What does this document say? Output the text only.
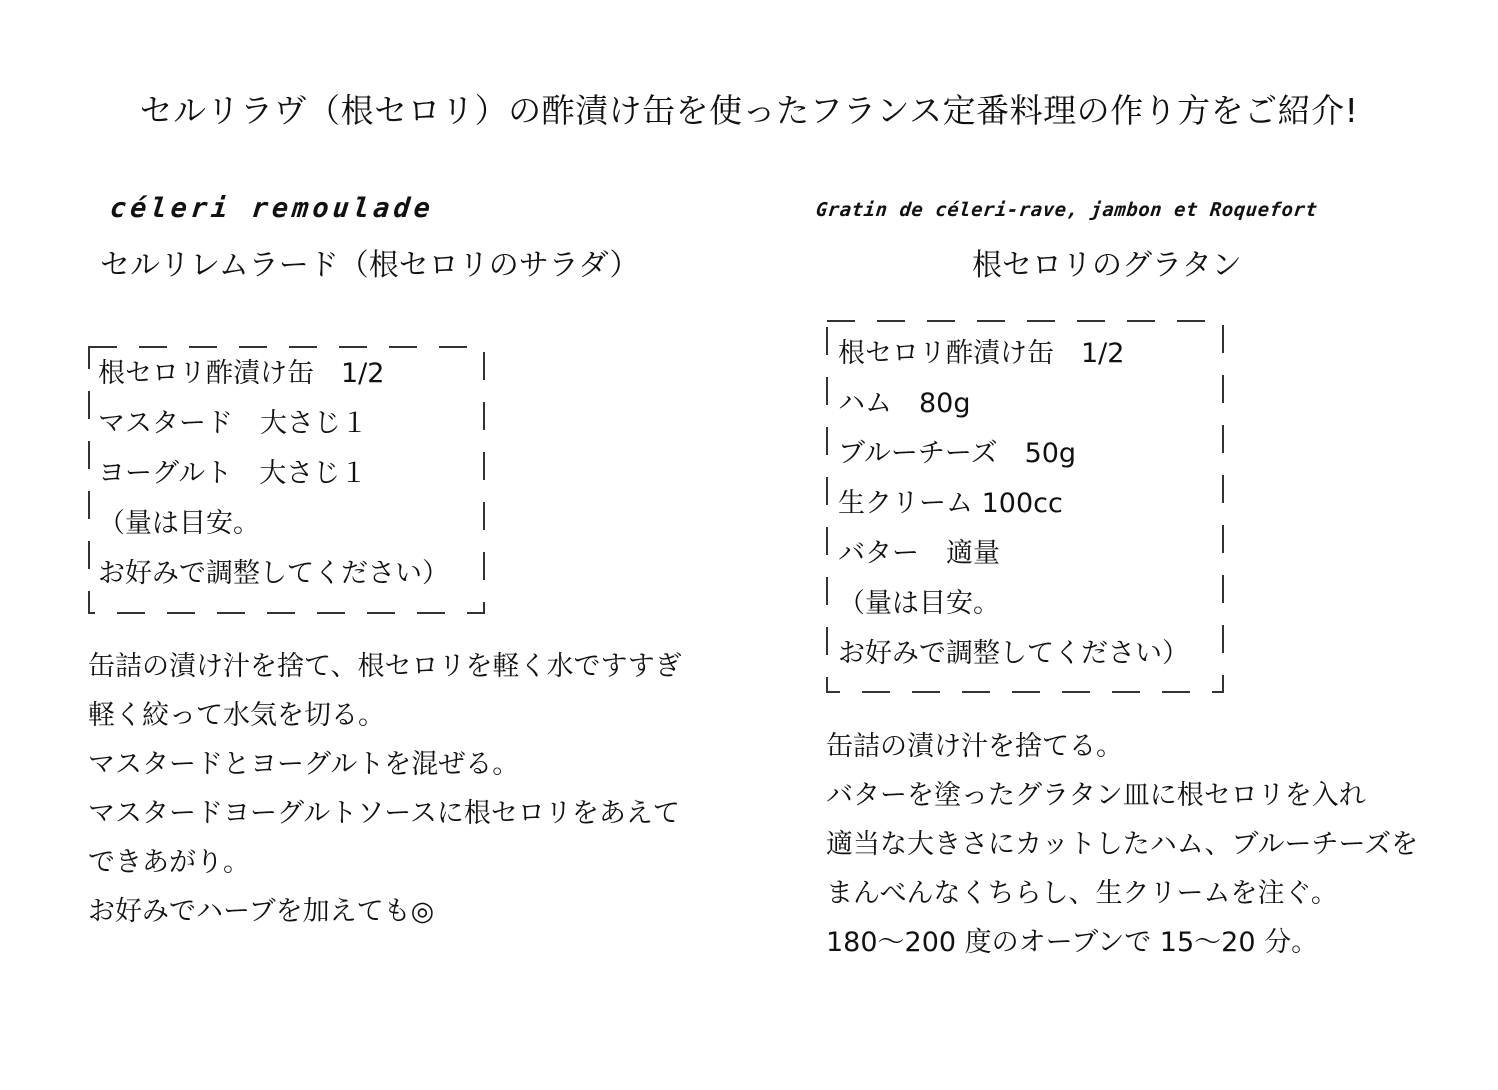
セルリラヴ（根セロリ）の酢漬け缶を使ったフランス定番料理の作り方をご紹介!
céleri remoulade
セルリレムラード（根セロリのサラダ）
根セロリ酢漬け缶　1/2
マスタード　大さじ１
ヨーグルト　大さじ１
（量は目安。
お好みで調整してください）
缶詰の漬け汁を捨て、根セロリを軽く水ですすぎ
軽く絞って水気を切る。
マスタードとヨーグルトを混ぜる。
マスタードヨーグルトソースに根セロリをあえて
できあがり。
お好みでハーブを加えても◎
Gratin de céleri-rave, jambon et Roquefort
根セロリのグラタン
根セロリ酢漬け缶　1/2
ハム　80g
ブルーチーズ　50g
生クリーム 100cc
バター　適量
（量は目安。
お好みで調整してください）
缶詰の漬け汁を捨てる。
バターを塗ったグラタン皿に根セロリを入れ
適当な大きさにカットしたハム、ブルーチーズを
まんべんなくちらし、生クリームを注ぐ。
180〜200 度のオーブンで 15〜20 分。
